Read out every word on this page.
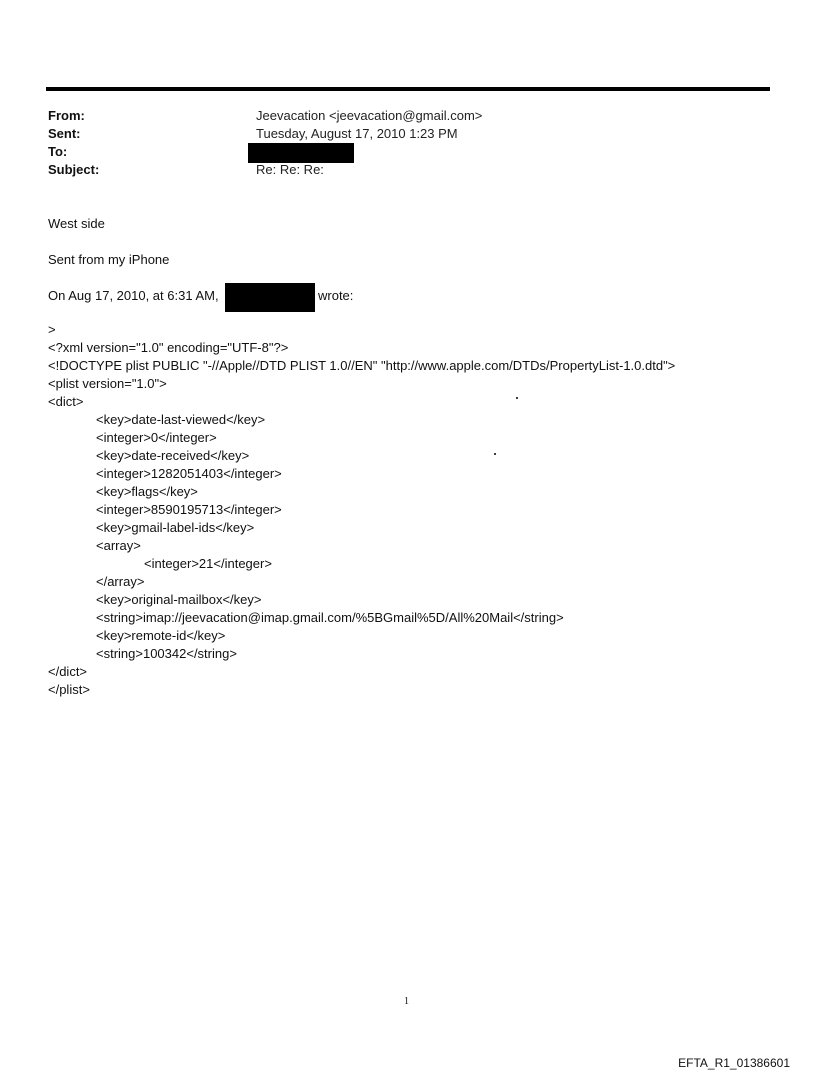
From:	Jeevacation <jeevacation@gmail.com>
Sent:	Tuesday, August 17, 2010 1:23 PM
To:
Subject:	Re: Re: Re:
West side
Sent from my iPhone
On Aug 17, 2010, at 6:31 AM,	wrote:
>
<?xml version="1.0" encoding="UTF-8"?>
<!DOCTYPE plist PUBLIC "-//Apple//DTD PLIST 1.0//EN" "http://www.apple.com/DTDs/PropertyList-1.0.dtd">
<plist version="1.0">
<dict>
<key>date-last-viewed</key>
<integer>0</integer>
<key>date-received</key>
<integer>1282051403</integer>
<key>flags</key>
<integer>8590195713</integer>
<key>gmail-label-ids</key>
<array>
<integer>21</integer>
</array>
<key>original-mailbox</key>
<string>imap://jeevacation@imap.gmail.com/%5BGmail%5D/All%20Mail</string>
<key>remote-id</key>
<string>100342</string>
</dict>
</plist>
1
EFTA_R1_01386601
